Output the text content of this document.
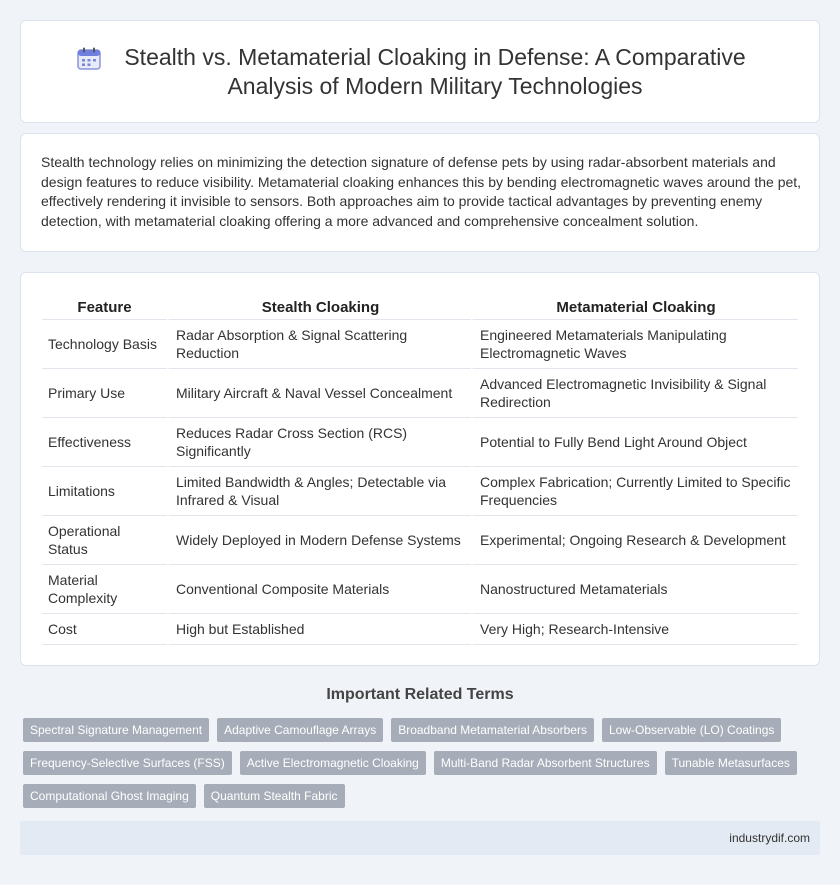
Stealth vs. Metamaterial Cloaking in Defense: A Comparative Analysis of Modern Military Technologies

Stealth technology relies on minimizing the detection signature of defense pets by using radar-absorbent materials and design features to reduce visibility. Metamaterial cloaking enhances this by bending electromagnetic waves around the pet, effectively rendering it invisible to sensors. Both approaches aim to provide tactical advantages by preventing enemy detection, with metamaterial cloaking offering a more advanced and comprehensive concealment solution.

Feature	Stealth Cloaking	Metamaterial Cloaking
Technology Basis	Radar Absorption & Signal Scattering Reduction	Engineered Metamaterials Manipulating Electromagnetic Waves
Primary Use	Military Aircraft & Naval Vessel Concealment	Advanced Electromagnetic Invisibility & Signal Redirection
Effectiveness	Reduces Radar Cross Section (RCS) Significantly	Potential to Fully Bend Light Around Object
Limitations	Limited Bandwidth & Angles; Detectable via Infrared & Visual	Complex Fabrication; Currently Limited to Specific Frequencies
Operational Status	Widely Deployed in Modern Defense Systems	Experimental; Ongoing Research & Development
Material Complexity	Conventional Composite Materials	Nanostructured Metamaterials
Cost	High but Established	Very High; Research-Intensive
Important Related Terms
Spectral Signature Management	Adaptive Camouflage Arrays	Broadband Metamaterial Absorbers	Low-Observable (LO) Coatings
Frequency-Selective Surfaces (FSS)	Active Electromagnetic Cloaking	Multi-Band Radar Absorbent Structures	Tunable Metasurfaces
Computational Ghost Imaging	Quantum Stealth Fabric
industrydif.com
